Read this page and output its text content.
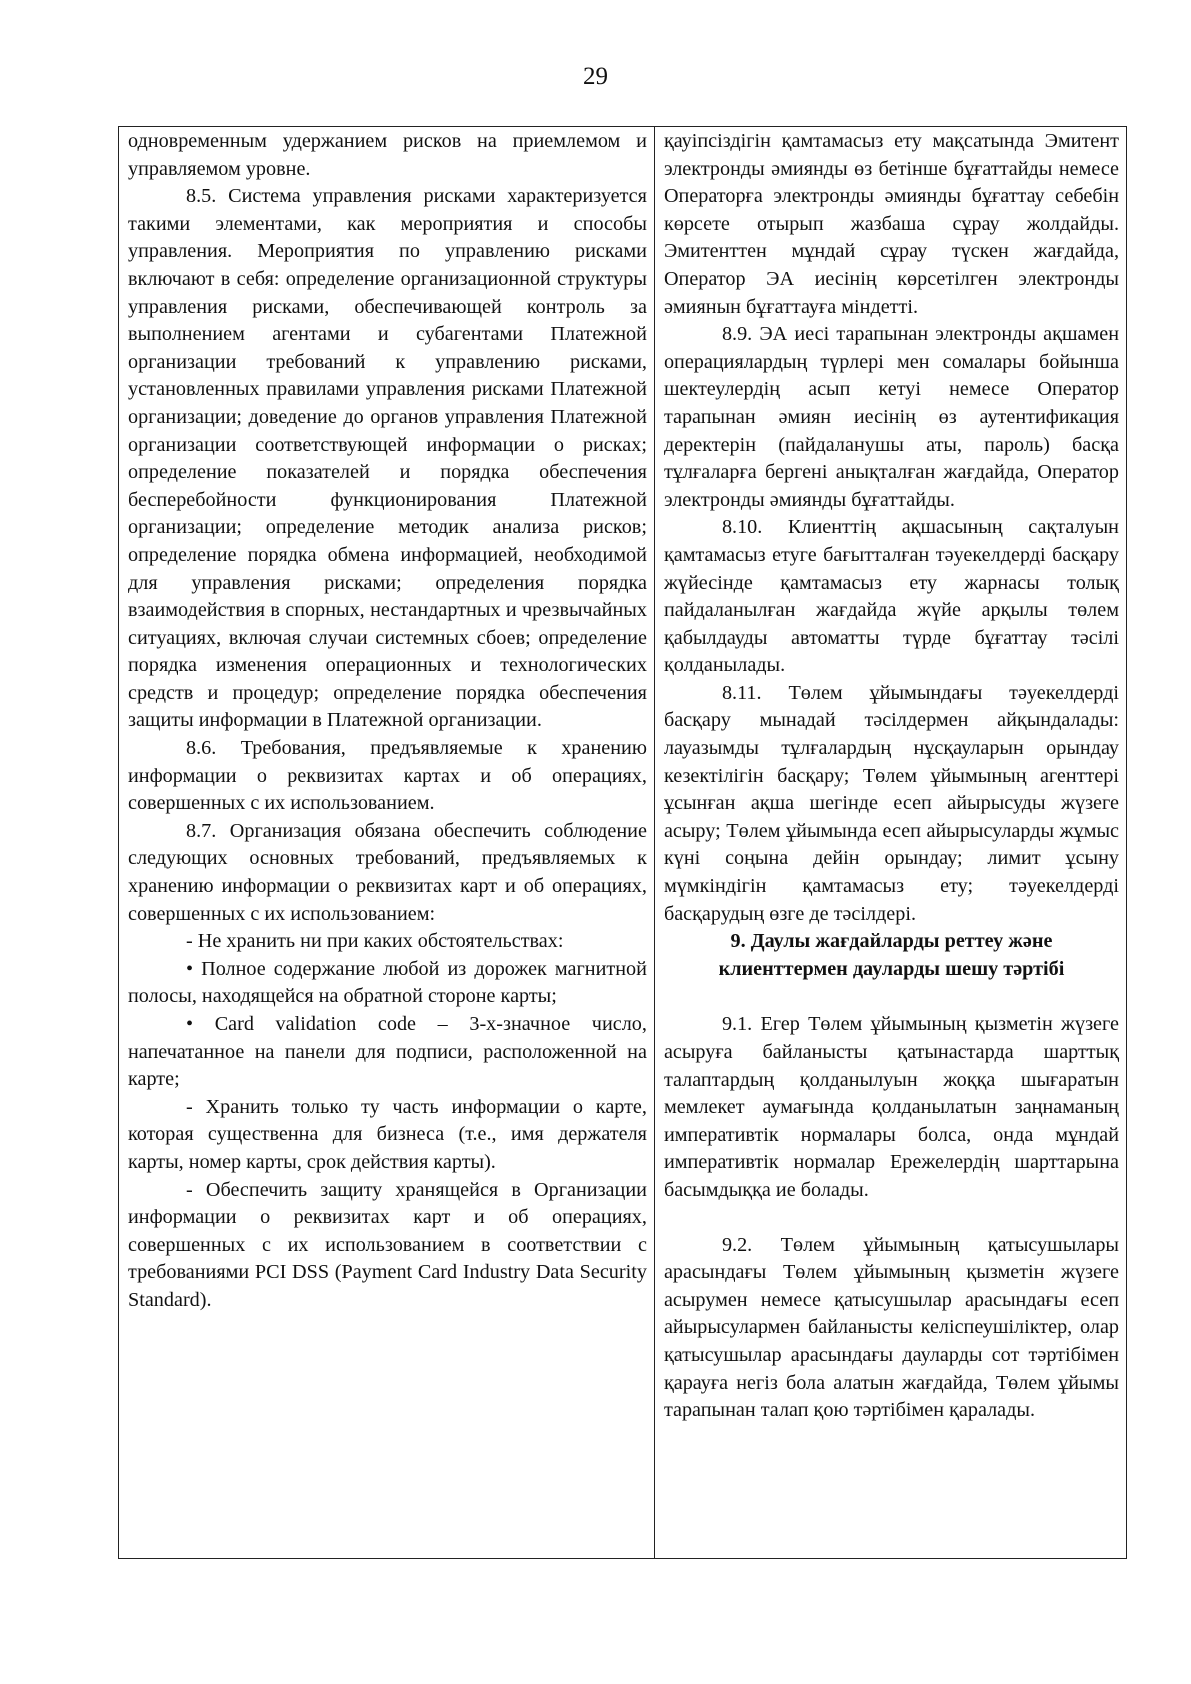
29

одновременным удержанием рисков на приемлемом и управляемом уровне.

8.5. Система управления рисками характеризуется такими элементами, как мероприятия и способы управления. Мероприятия по управлению рисками включают в себя: определение организационной структуры управления рисками, обеспечивающей контроль за выполнением агентами и субагентами Платежной организации требований к управлению рисками, установленных правилами управления рисками Платежной организации; доведение до органов управления Платежной организации соответствующей информации о рисках; определение показателей и порядка обеспечения бесперебойности функционирования Платежной организации; определение методик анализа рисков; определение порядка обмена информацией, необходимой для управления рисками; определения порядка взаимодействия в спорных, нестандартных и чрезвычайных ситуациях, включая случаи системных сбоев; определение порядка изменения операционных и технологических средств и процедур; определение порядка обеспечения защиты информации в Платежной организации.

8.6. Требования, предъявляемые к хранению информации о реквизитах картах и об операциях, совершенных с их использованием.

8.7. Организация обязана обеспечить соблюдение следующих основных требований, предъявляемых к хранению информации о реквизитах карт и об операциях, совершенных с их использованием:

- Не хранить ни при каких обстоятельствах:

• Полное содержание любой из дорожек магнитной полосы, находящейся на обратной стороне карты;

• Card validation code – 3-х-значное число, напечатанное на панели для подписи, расположенной на карте;

- Хранить только ту часть информации о карте, которая существенна для бизнеса (т.е., имя держателя карты, номер карты, срок действия карты).

- Обеспечить защиту хранящейся в Организации информации о реквизитах карт и об операциях, совершенных с их использованием в соответствии с требованиями PCI DSS (Payment Card Industry Data Security Standard).

қауіпсіздігін қамтамасыз ету мақсатында Эмитент электронды әмиянды өз бетінше бұғаттайды немесе Операторға электронды әмиянды бұғаттау себебін көрсете отырып жазбаша сұрау жолдайды. Эмитенттен мұндай сұрау түскен жағдайда, Оператор ЭА иесінің көрсетілген электронды әмиянын бұғаттауға міндетті.

8.9. ЭА иесі тарапынан электронды ақшамен операциялардың түрлері мен сомалары бойынша шектеулердің асып кетуі немесе Оператор тарапынан әмиян иесінің өз аутентификация деректерін (пайдаланушы аты, пароль) басқа тұлғаларға бергені анықталған жағдайда, Оператор электронды әмиянды бұғаттайды.

8.10. Клиенттің ақшасының сақталуын қамтамасыз етуге бағытталған тәуекелдерді басқару жүйесінде қамтамасыз ету жарнасы толық пайдаланылған жағдайда жүйе арқылы төлем қабылдауды автоматты түрде бұғаттау тәсілі қолданылады.

8.11. Төлем ұйымындағы тәуекелдерді басқару мынадай тәсілдермен айқындалады: лауазымды тұлғалардың нұсқауларын орындау кезектілігін басқару; Төлем ұйымының агенттері ұсынған ақша шегінде есеп айырысуды жүзеге асыру; Төлем ұйымында есеп айырысуларды жұмыс күні соңына дейін орындау; лимит ұсыну мүмкіндігін қамтамасыз ету; тәуекелдерді басқарудың өзге де тәсілдері.

9. Даулы жағдайларды реттеу және клиенттермен дауларды шешу тәртібі

9.1. Егер Төлем ұйымының қызметін жүзеге асыруға байланысты қатынастарда шарттық талаптардың қолданылуын жоққа шығаратын мемлекет аумағында қолданылатын заңнаманың императивтік нормалары болса, онда мұндай императивтік нормалар Ережелердің шарттарына басымдыққа ие болады.

9.2. Төлем ұйымының қатысушылары арасындағы Төлем ұйымының қызметін жүзеге асырумен немесе қатысушылар арасындағы есеп айырысулармен байланысты келіспеушіліктер, олар қатысушылар арасындағы дауларды сот тәртібімен қарауға негіз бола алатын жағдайда, Төлем ұйымы тарапынан талап қою тәртібімен қаралады.
